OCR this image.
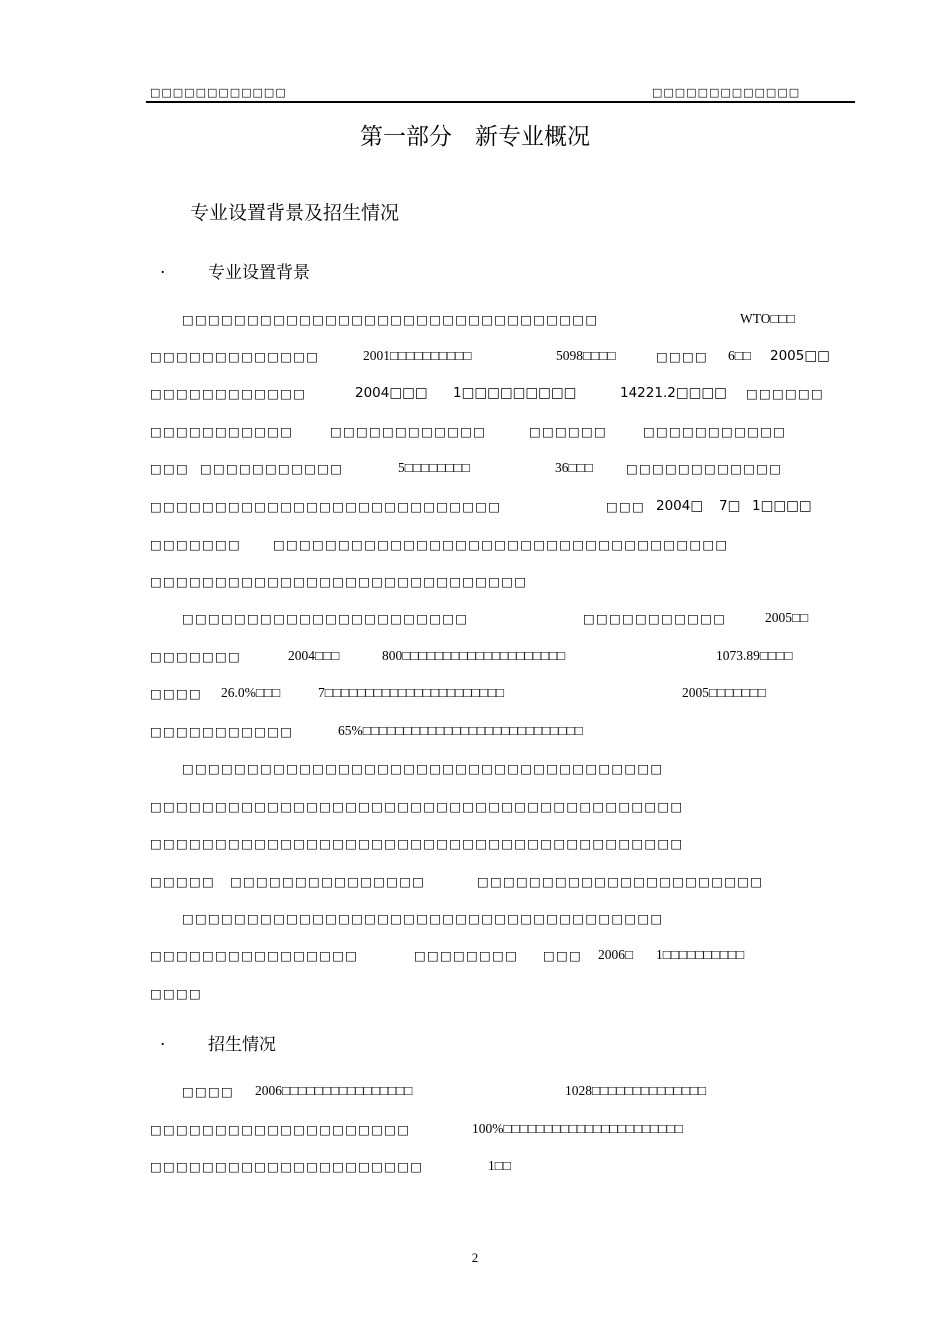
□□□□□□□□□□□□	□□□□□□□□□□□□□
第一部分　新专业概况
专业设置背景及招生情况
.	专业设置背景
□□□□□□□□□□□□□□□□□□□□□□□□□□□□□□□□	WTO□□□
□□□□□□□□□□□□□	2001□□□□□□□□□□	5098□□□□	□□□□ 6□□ 2005□□
□□□□□□□□□□□□	2004□□□ 1□□□□□□□□□	14221.2□□□□ □□□□□□
□□□□□□□□□□□	□□□□□□□□□□□□	□□□□□□	□□□□□□□□□□□
□□□ □□□□□□□□□□□	5□□□□□□□□	36□□□	□□□□□□□□□□□□
□□□□□□□□□□□□□□□□□□□□□□□□□□□	□□□ 2004□ 7□ 1□□□□
□□□□□□□	□□□□□□□□□□□□□□□□□□□□□□□□□□□□□□□□□□□
□□□□□□□□□□□□□□□□□□□□□□□□□□□□□
□□□□□□□□□□□□□□□□□□□□□□	□□□□□□□□□□□	2005□□
□□□□□□□	2004□□□	800□□□□□□□□□□□□□□□□□□□□	1073.89□□□□
□□□□ 26.0%□□□	7□□□□□□□□□□□□□□□□□□□□□□	2005□□□□□□□
□□□□□□□□□□□	65%□□□□□□□□□□□□□□□□□□□□□□□□□□□
□□□□□□□□□□□□□□□□□□□□□□□□□□□□□□□□□□□□□
□□□□□□□□□□□□□□□□□□□□□□□□□□□□□□□□□□□□□□□□□
□□□□□□□□□□□□□□□□□□□□□□□□□□□□□□□□□□□□□□□□□
□□□□□ □□□□□□□□□□□□□□□	□□□□□□□□□□□□□□□□□□□□□□
□□□□□□□□□□□□□□□□□□□□□□□□□□□□□□□□□□□□□
□□□□□□□□□□□□□□□□	□□□□□□□□ □□□ 2006□ 1□□□□□□□□□□
□□□□
.	招生情况
□□□□ 2006□□□□□□□□□□□□□□□□	1028□□□□□□□□□□□□□□
□□□□□□□□□□□□□□□□□□□□	100%□□□□□□□□□□□□□□□□□□□□□□
□□□□□□□□□□□□□□□□□□□□□	1□□
2
